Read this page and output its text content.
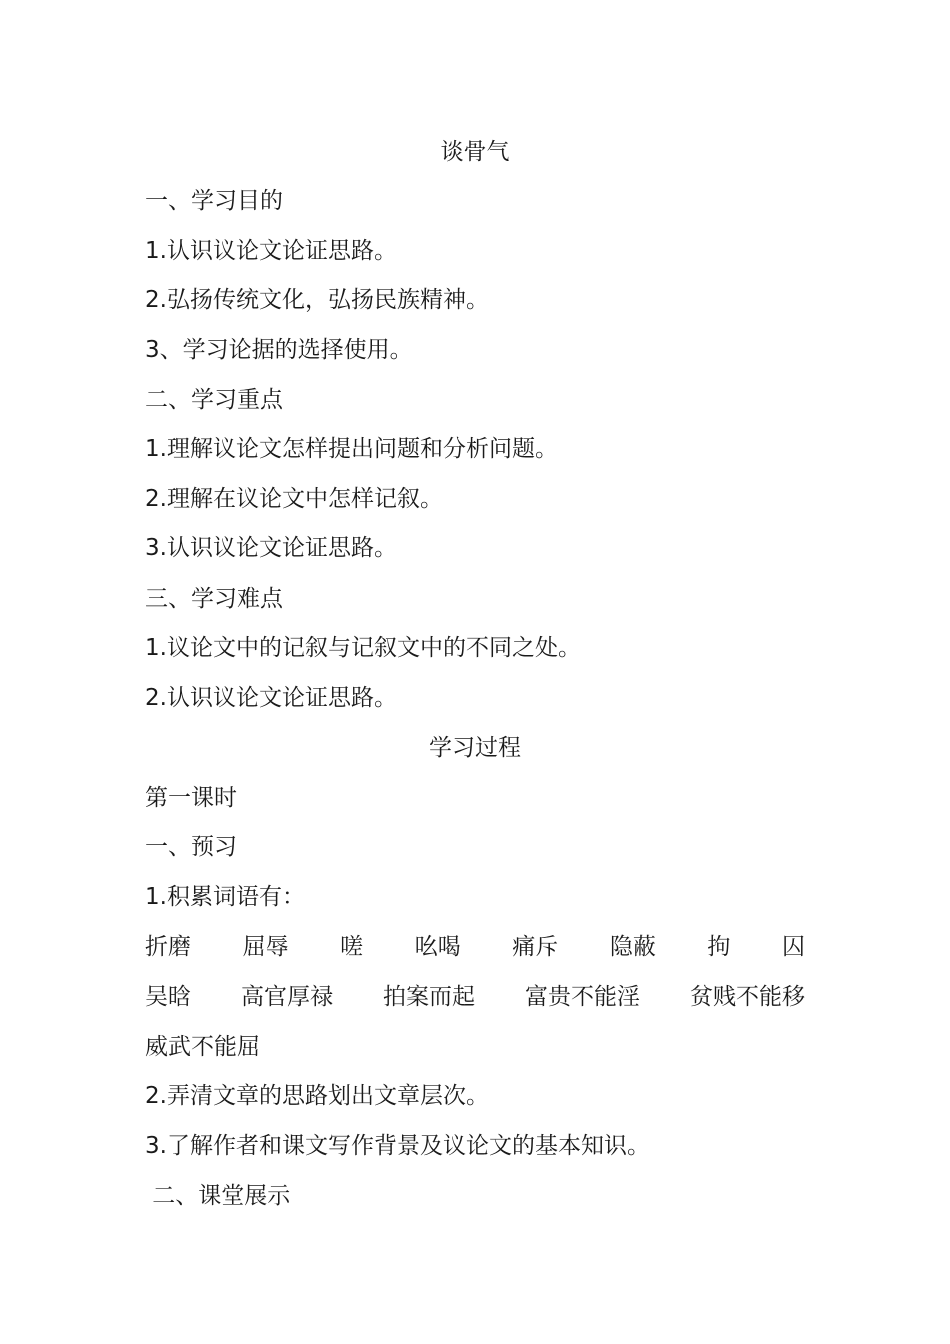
谈骨气
一、学习目的
1.认识议论文论证思路。
2.弘扬传统文化，弘扬民族精神。
3、学习论据的选择使用。
二、学习重点
1.理解议论文怎样提出问题和分析问题。
2.理解在议论文中怎样记叙。
3.认识议论文论证思路。
三、学习难点
1.议论文中的记叙与记叙文中的不同之处。
2.认识议论文论证思路。
学习过程
第一课时
一、预习
1.积累词语有：
折磨 屈辱 嗟 吆喝 痛斥 隐蔽 拘 囚
吴晗 高官厚禄 拍案而起 富贵不能淫 贫贱不能移
威武不能屈
2.弄清文章的思路划出文章层次。
3.了解作者和课文写作背景及议论文的基本知识。
二、课堂展示
